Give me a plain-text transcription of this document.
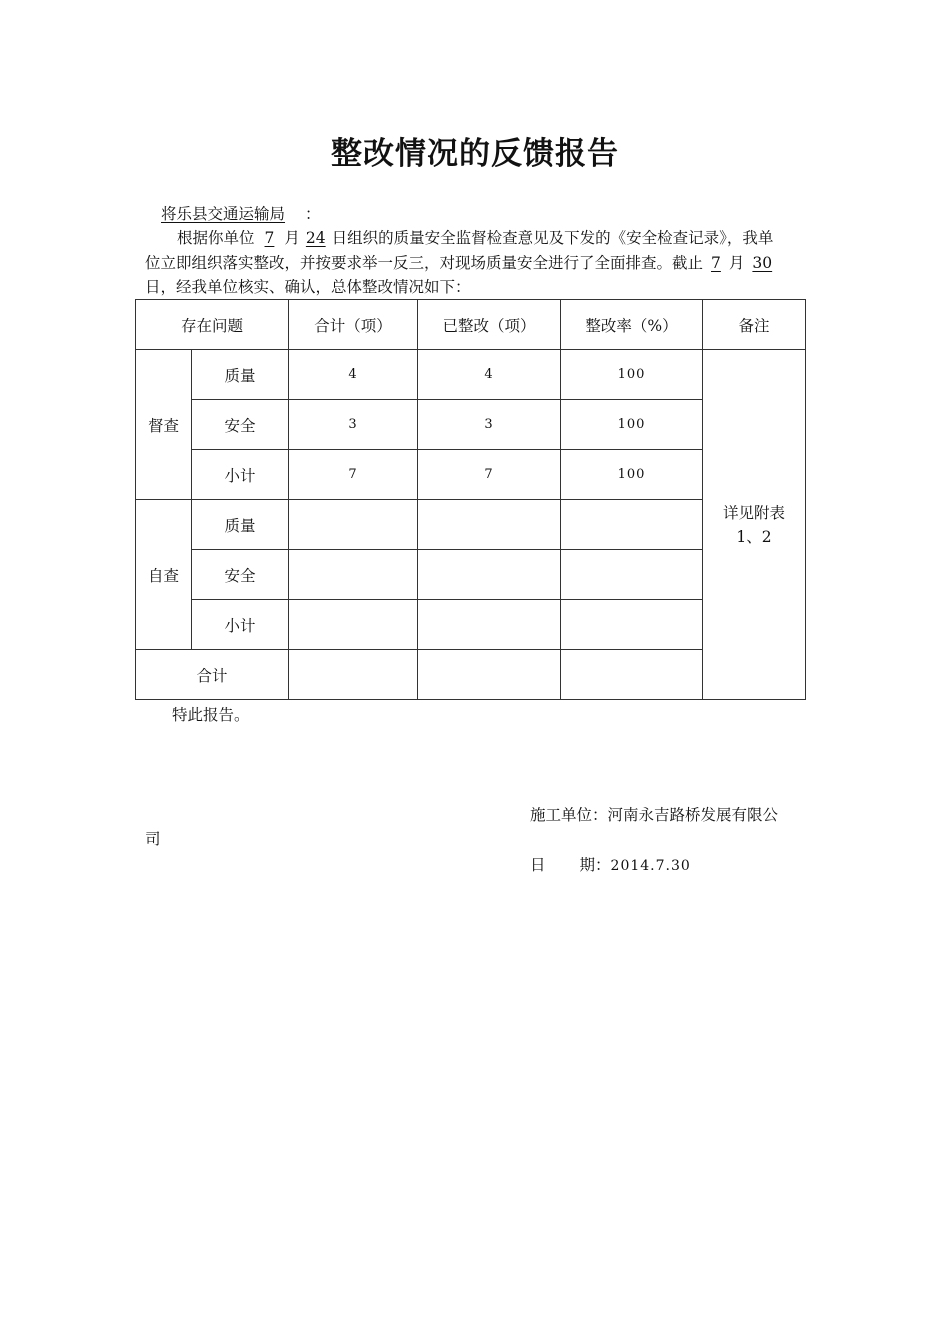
整改情况的反馈报告
将乐县交通运输局 ：
根据你单位 7 月 24 日组织的质量安全监督检查意见及下发的《安全检查记录》，我单
位立即组织落实整改，并按要求举一反三，对现场质量安全进行了全面排查。截止 7 月 30
日，经我单位核实、确认，总体整改情况如下：
存在问题		合计（项）	已整改（项）	整改率（%）	备注
督查	质量	4	4	100	详见附表
1、2
	安全	3	3	100	
	小计	7	7	100	
自查	质量				
	安全				
	小计				
合计					
特此报告。
施工单位：河南永吉路桥发展有限公
司
日 期：2014.7.30
